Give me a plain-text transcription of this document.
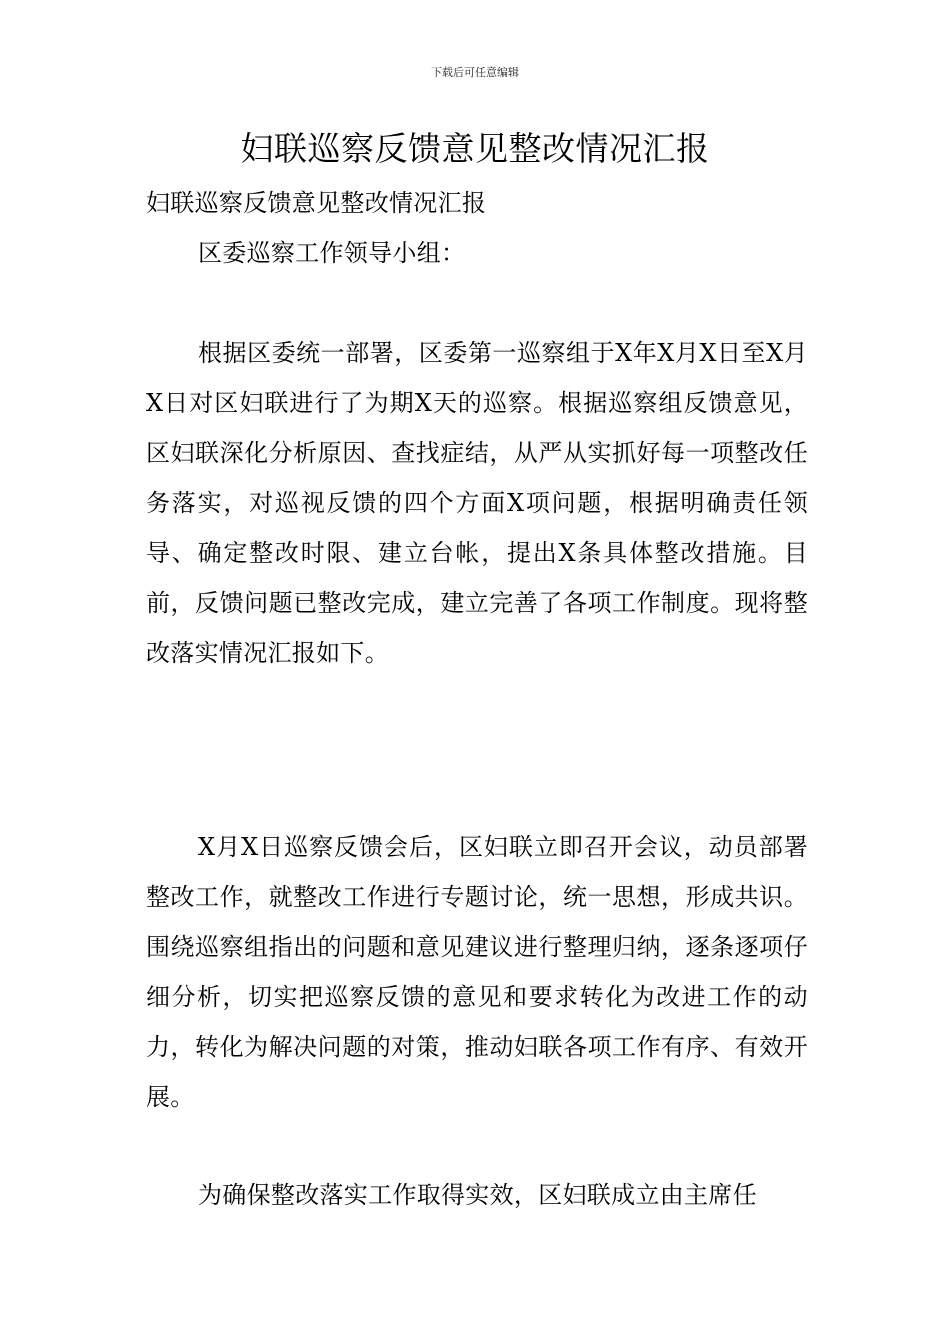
下载后可任意编辑
妇联巡察反馈意见整改情况汇报

妇联巡察反馈意见整改情况汇报

区委巡察工作领导小组：

根据区委统一部署，区委第一巡察组于X年X月X日至X月X日对区妇联进行了为期X天的巡察。根据巡察组反馈意见，区妇联深化分析原因、查找症结，从严从实抓好每一项整改任务落实，对巡视反馈的四个方面X项问题，根据明确责任领导、确定整改时限、建立台帐，提出X条具体整改措施。目前，反馈问题已整改完成，建立完善了各项工作制度。现将整改落实情况汇报如下。

X月X日巡察反馈会后，区妇联立即召开会议，动员部署整改工作，就整改工作进行专题讨论，统一思想，形成共识。围绕巡察组指出的问题和意见建议进行整理归纳，逐条逐项仔细分析，切实把巡察反馈的意见和要求转化为改进工作的动力，转化为解决问题的对策，推动妇联各项工作有序、有效开展。

为确保整改落实工作取得实效，区妇联成立由主席任
